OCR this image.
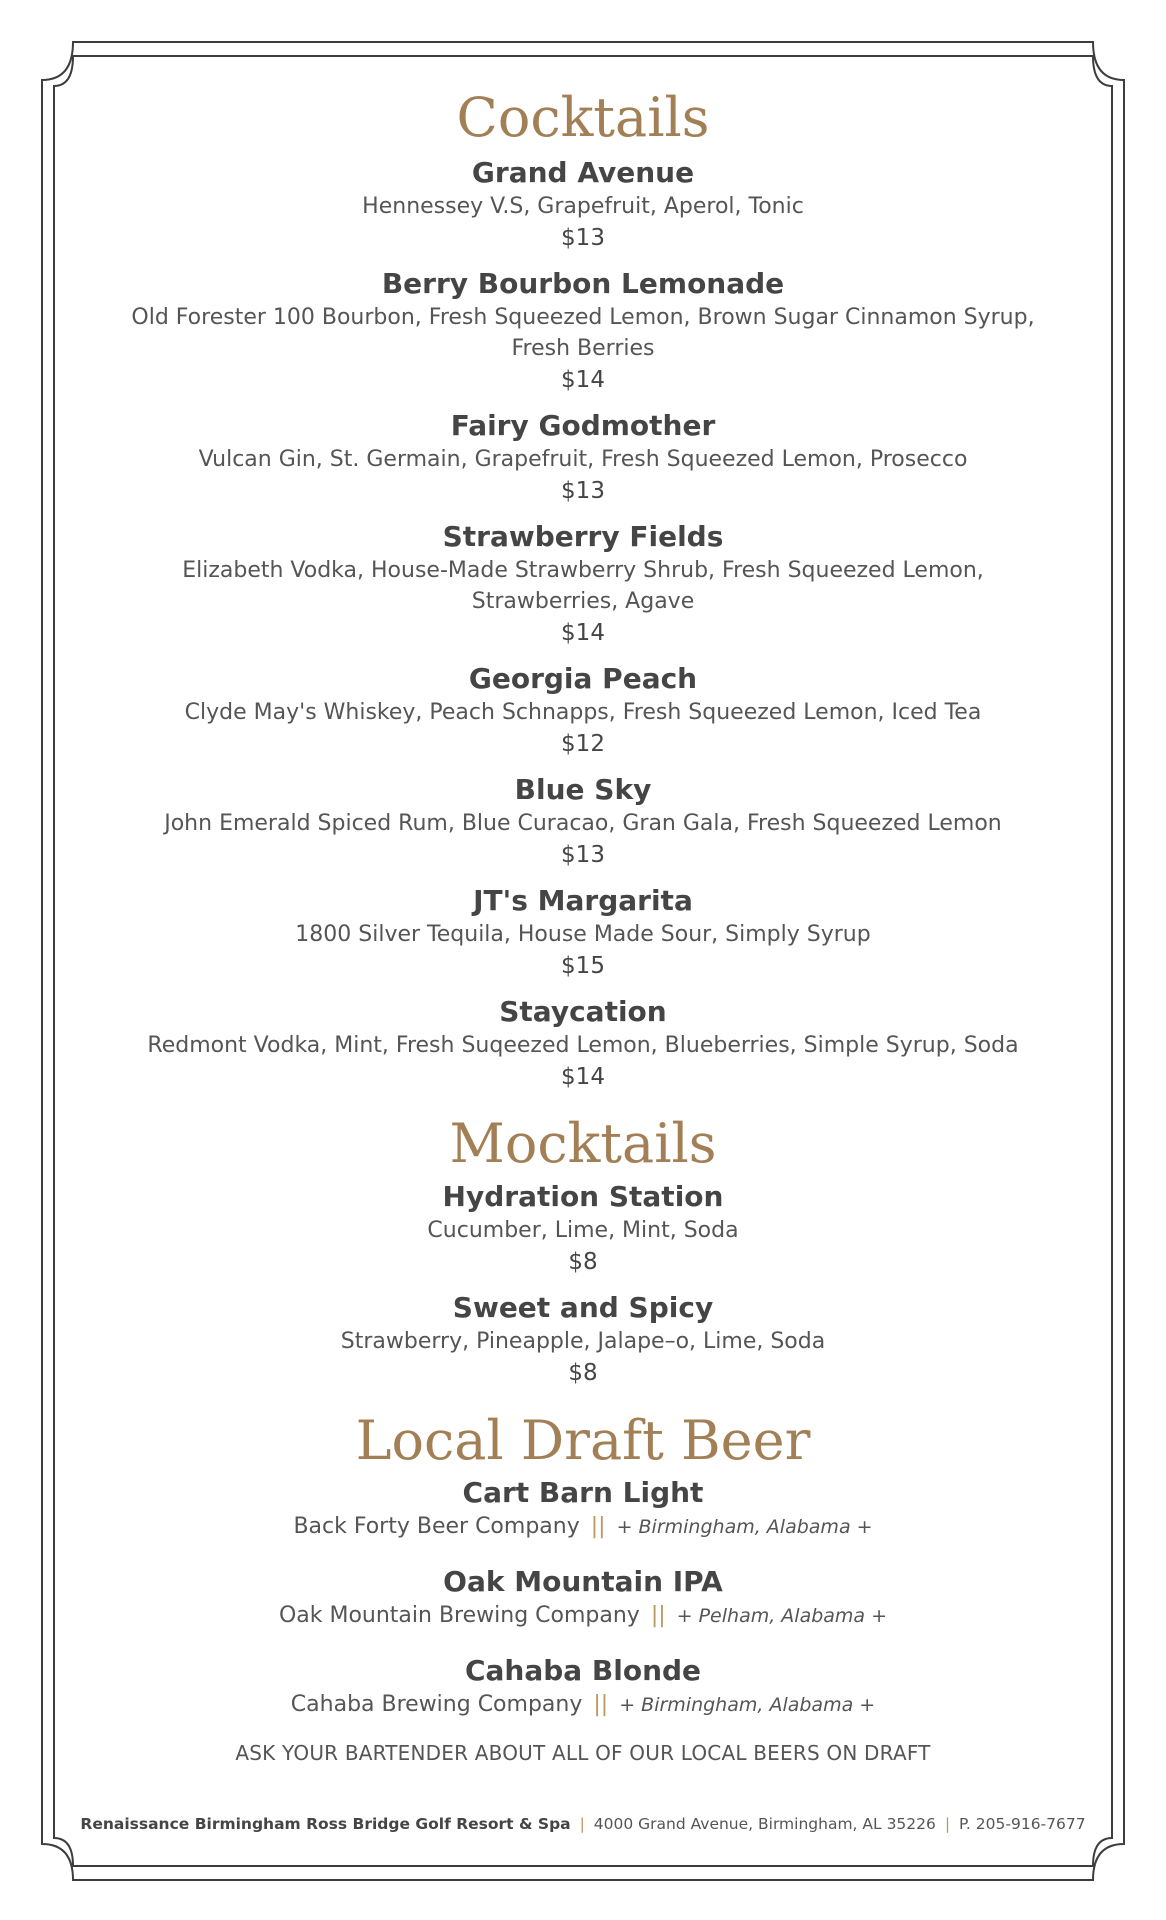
Cocktails
Grand Avenue
Hennessey V.S, Grapefruit, Aperol, Tonic
$13
Berry Bourbon Lemonade
Old Forester 100 Bourbon, Fresh Squeezed Lemon, Brown Sugar Cinnamon Syrup,
Fresh Berries
$14
Fairy Godmother
Vulcan Gin, St. Germain, Grapefruit, Fresh Squeezed Lemon, Prosecco
$13
Strawberry Fields
Elizabeth Vodka, House-Made Strawberry Shrub, Fresh Squeezed Lemon,
Strawberries, Agave
$14
Georgia Peach
Clyde May's Whiskey, Peach Schnapps, Fresh Squeezed Lemon, Iced Tea
$12
Blue Sky
John Emerald Spiced Rum, Blue Curacao, Gran Gala, Fresh Squeezed Lemon
$13
JT's Margarita
1800 Silver Tequila, House Made Sour, Simply Syrup
$15
Staycation
Redmont Vodka, Mint, Fresh Suqeezed Lemon, Blueberries, Simple Syrup, Soda
$14
Mocktails
Hydration Station
Cucumber, Lime, Mint, Soda
$8
Sweet and Spicy
Strawberry, Pineapple, Jalape–o, Lime, Soda
$8
Local Draft Beer
Cart Barn Light
Back Forty Beer Company || + Birmingham, Alabama +
Oak Mountain IPA
Oak Mountain Brewing Company || + Pelham, Alabama +
Cahaba Blonde
Cahaba Brewing Company || + Birmingham, Alabama +
ASK YOUR BARTENDER ABOUT ALL OF OUR LOCAL BEERS ON DRAFT
Renaissance Birmingham Ross Bridge Golf Resort & Spa | 4000 Grand Avenue, Birmingham, AL 35226 | P. 205-916-7677
